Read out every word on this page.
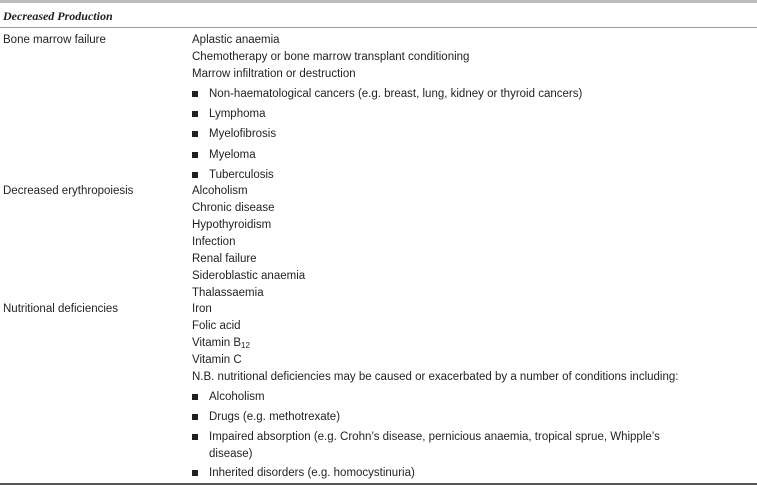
Decreased Production
Bone marrow failure	Aplastic anaemia
Chemotherapy or bone marrow transplant conditioning
Marrow infiltration or destruction
Non-haematological cancers (e.g. breast, lung, kidney or thyroid cancers)
Lymphoma
Myelofibrosis
Myeloma
Tuberculosis
Decreased erythropoiesis	Alcoholism
Chronic disease
Hypothyroidism
Infection
Renal failure
Sideroblastic anaemia
Thalassaemia
Nutritional deficiencies	Iron
Folic acid
Vitamin $B_{12}$
Vitamin C
N.B. nutritional deficiencies may be caused or exacerbated by a number of conditions including:
Alcoholism
Drugs (e.g. methotrexate)
Impaired absorption (e.g. Crohn’s disease, pernicious anaemia, tropical sprue, Whipple’s
disease)
Inherited disorders (e.g. homocystinuria)
